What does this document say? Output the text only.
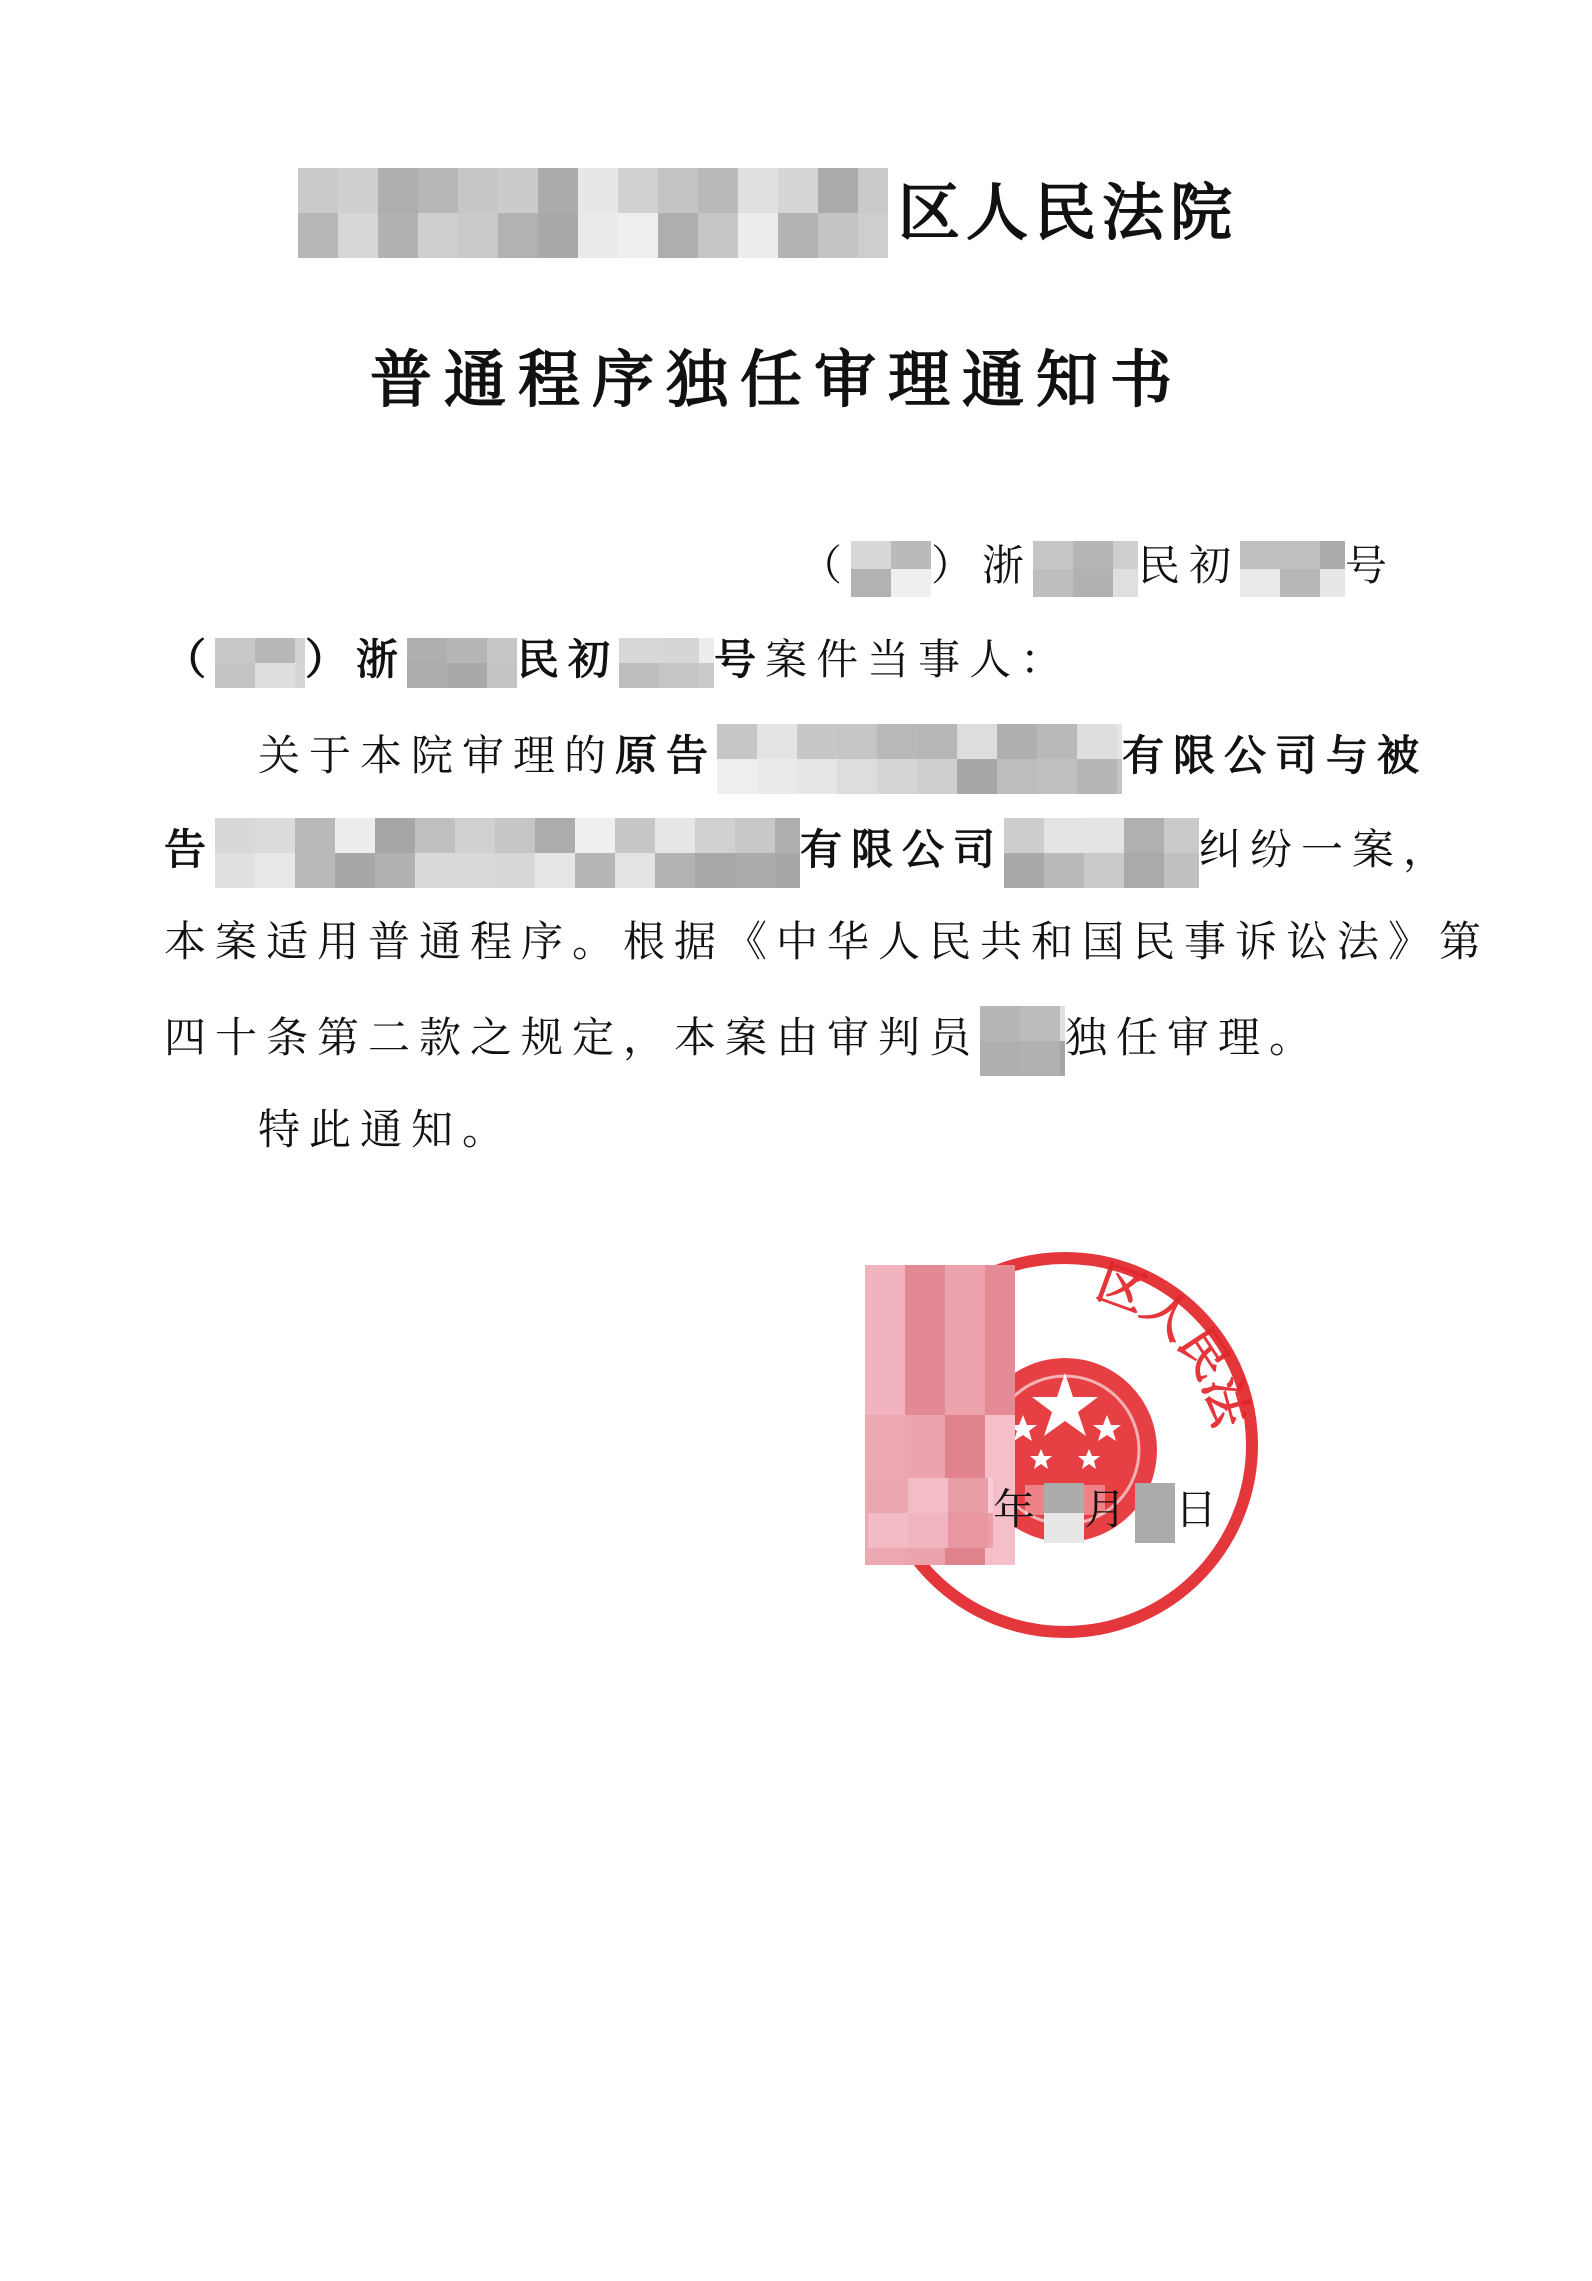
区人民法院
普通程序独任审理通知书
（ ）浙	民初	号
（ ）浙	民初 号案件当事人：
关于本院审理的原告	有限公司与被
告	有限公司	纠纷一案，
本案适用普通程序。根据《中华人民共和国民事诉讼法》第
四十条第二款之规定，本案由审判员 独任审理。
特此通知。
区人民法
年 月 日
